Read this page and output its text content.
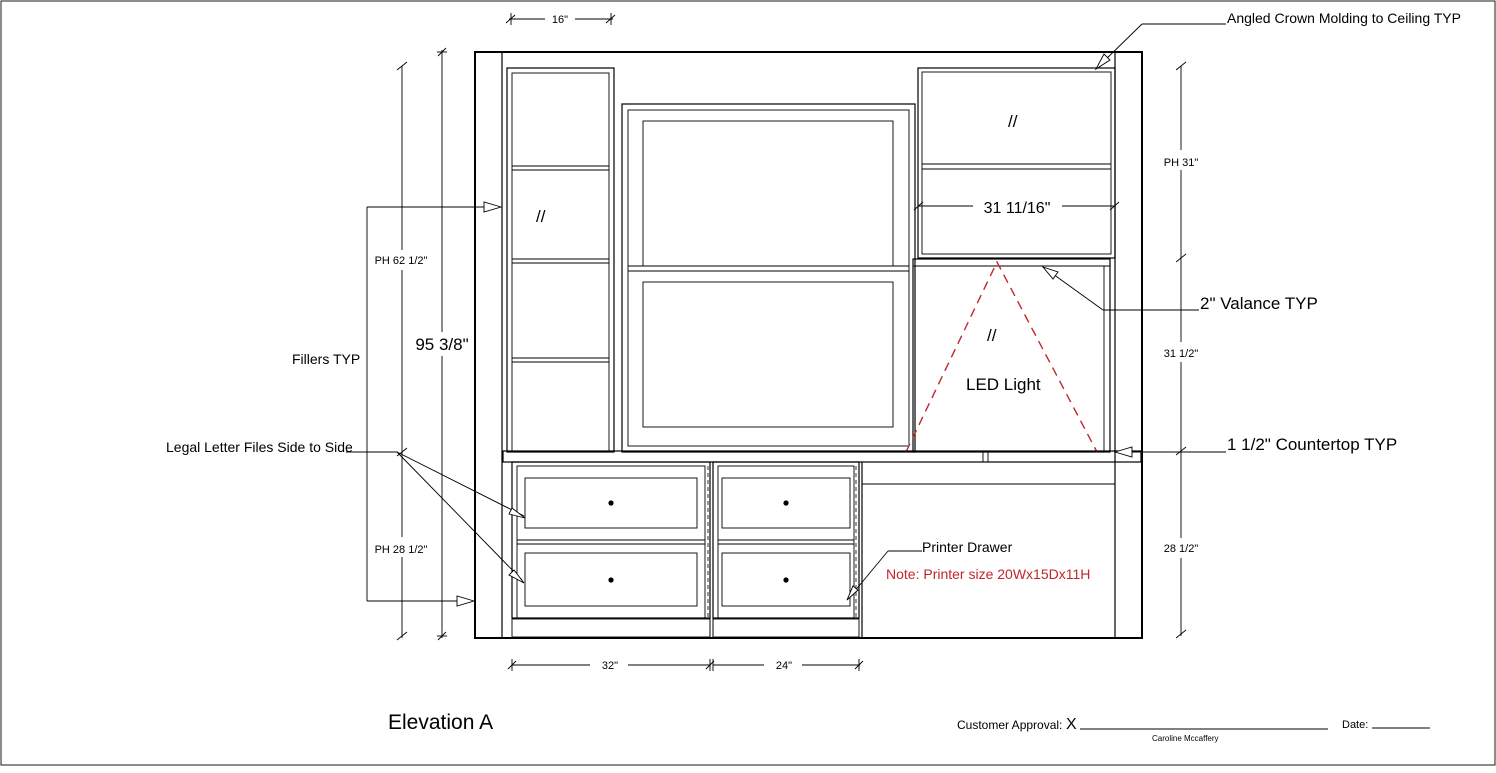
//
//
//
16"
31 11/16"
32"	24"
95 3/8"
PH 62 1/2"
PH 28 1/2"
PH 31"
31 1/2"
28 1/2"
Fillers TYP
Legal Letter Files Side to Side
Angled Crown Molding to Ceiling TYP
2" Valance TYP
1 1/2" Countertop TYP
Printer Drawer
Note: Printer size 20Wx15Dx11H
LED Light
Elevation A	Customer Approval: X
Caroline Mccaffery
Date:
